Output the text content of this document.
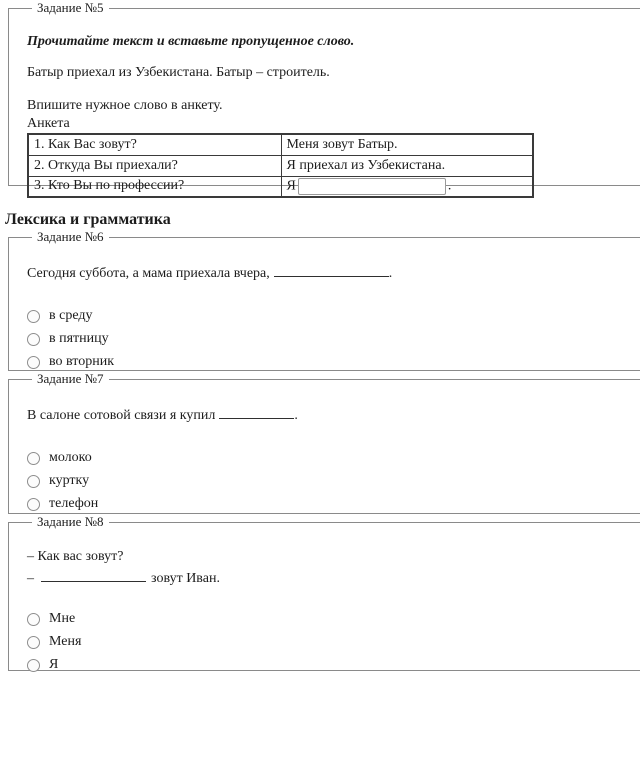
Задание №5

Прочитайте текст и вставьте пропущенное слово.

Батыр приехал из Узбекистана. Батыр – строитель.

Впишите нужное слово в анкету.

Анкета
1. Как Вас зовут?	Меня зовут Батыр.
2. Откуда Вы приехали?	Я приехал из Узбекистана.
3. Кто Вы по профессии?	Я .
Лексика и грамматика
Задание №6

Сегодня суббота, а мама приехала вчера,	.

в среду
в пятницу
во вторник
Задание №7

В салоне сотовой связи я купил	.

молоко
куртку
телефон
Задание №8

– Как вас зовут?

–	зовут Иван.

Мне
Меня
Я
